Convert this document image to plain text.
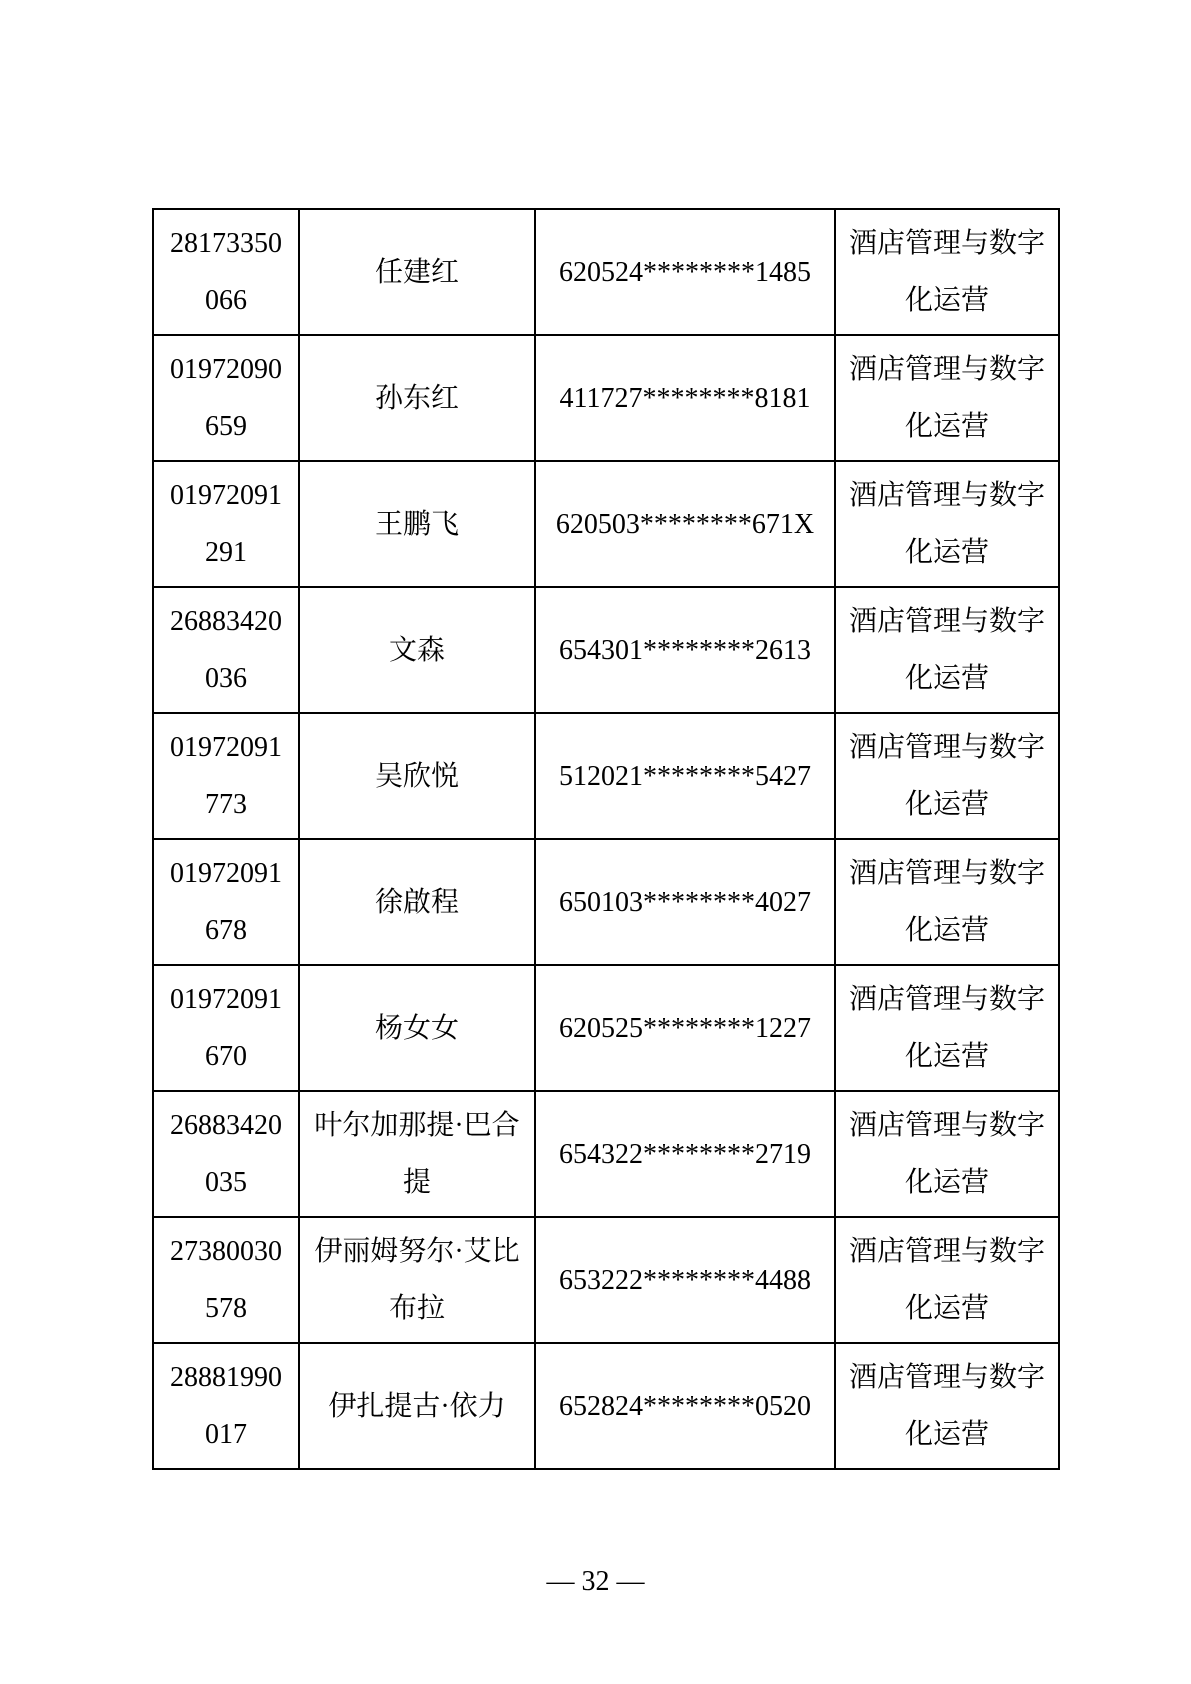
28173350066	任建红	620524********1485	酒店管理与数字化运营
01972090659	孙东红	411727********8181	酒店管理与数字化运营
01972091291	王鹏飞	620503********671X	酒店管理与数字化运营
26883420036	文森	654301********2613	酒店管理与数字化运营
01972091773	吴欣悦	512021********5427	酒店管理与数字化运营
01972091678	徐啟程	650103********4027	酒店管理与数字化运营
01972091670	杨女女	620525********1227	酒店管理与数字化运营
26883420035	叶尔加那提·巴合提	654322********2719	酒店管理与数字化运营
27380030578	伊丽姆努尔·艾比布拉	653222********4488	酒店管理与数字化运营
28881990017	伊扎提古·依力	652824********0520	酒店管理与数字化运营
— 32 —
